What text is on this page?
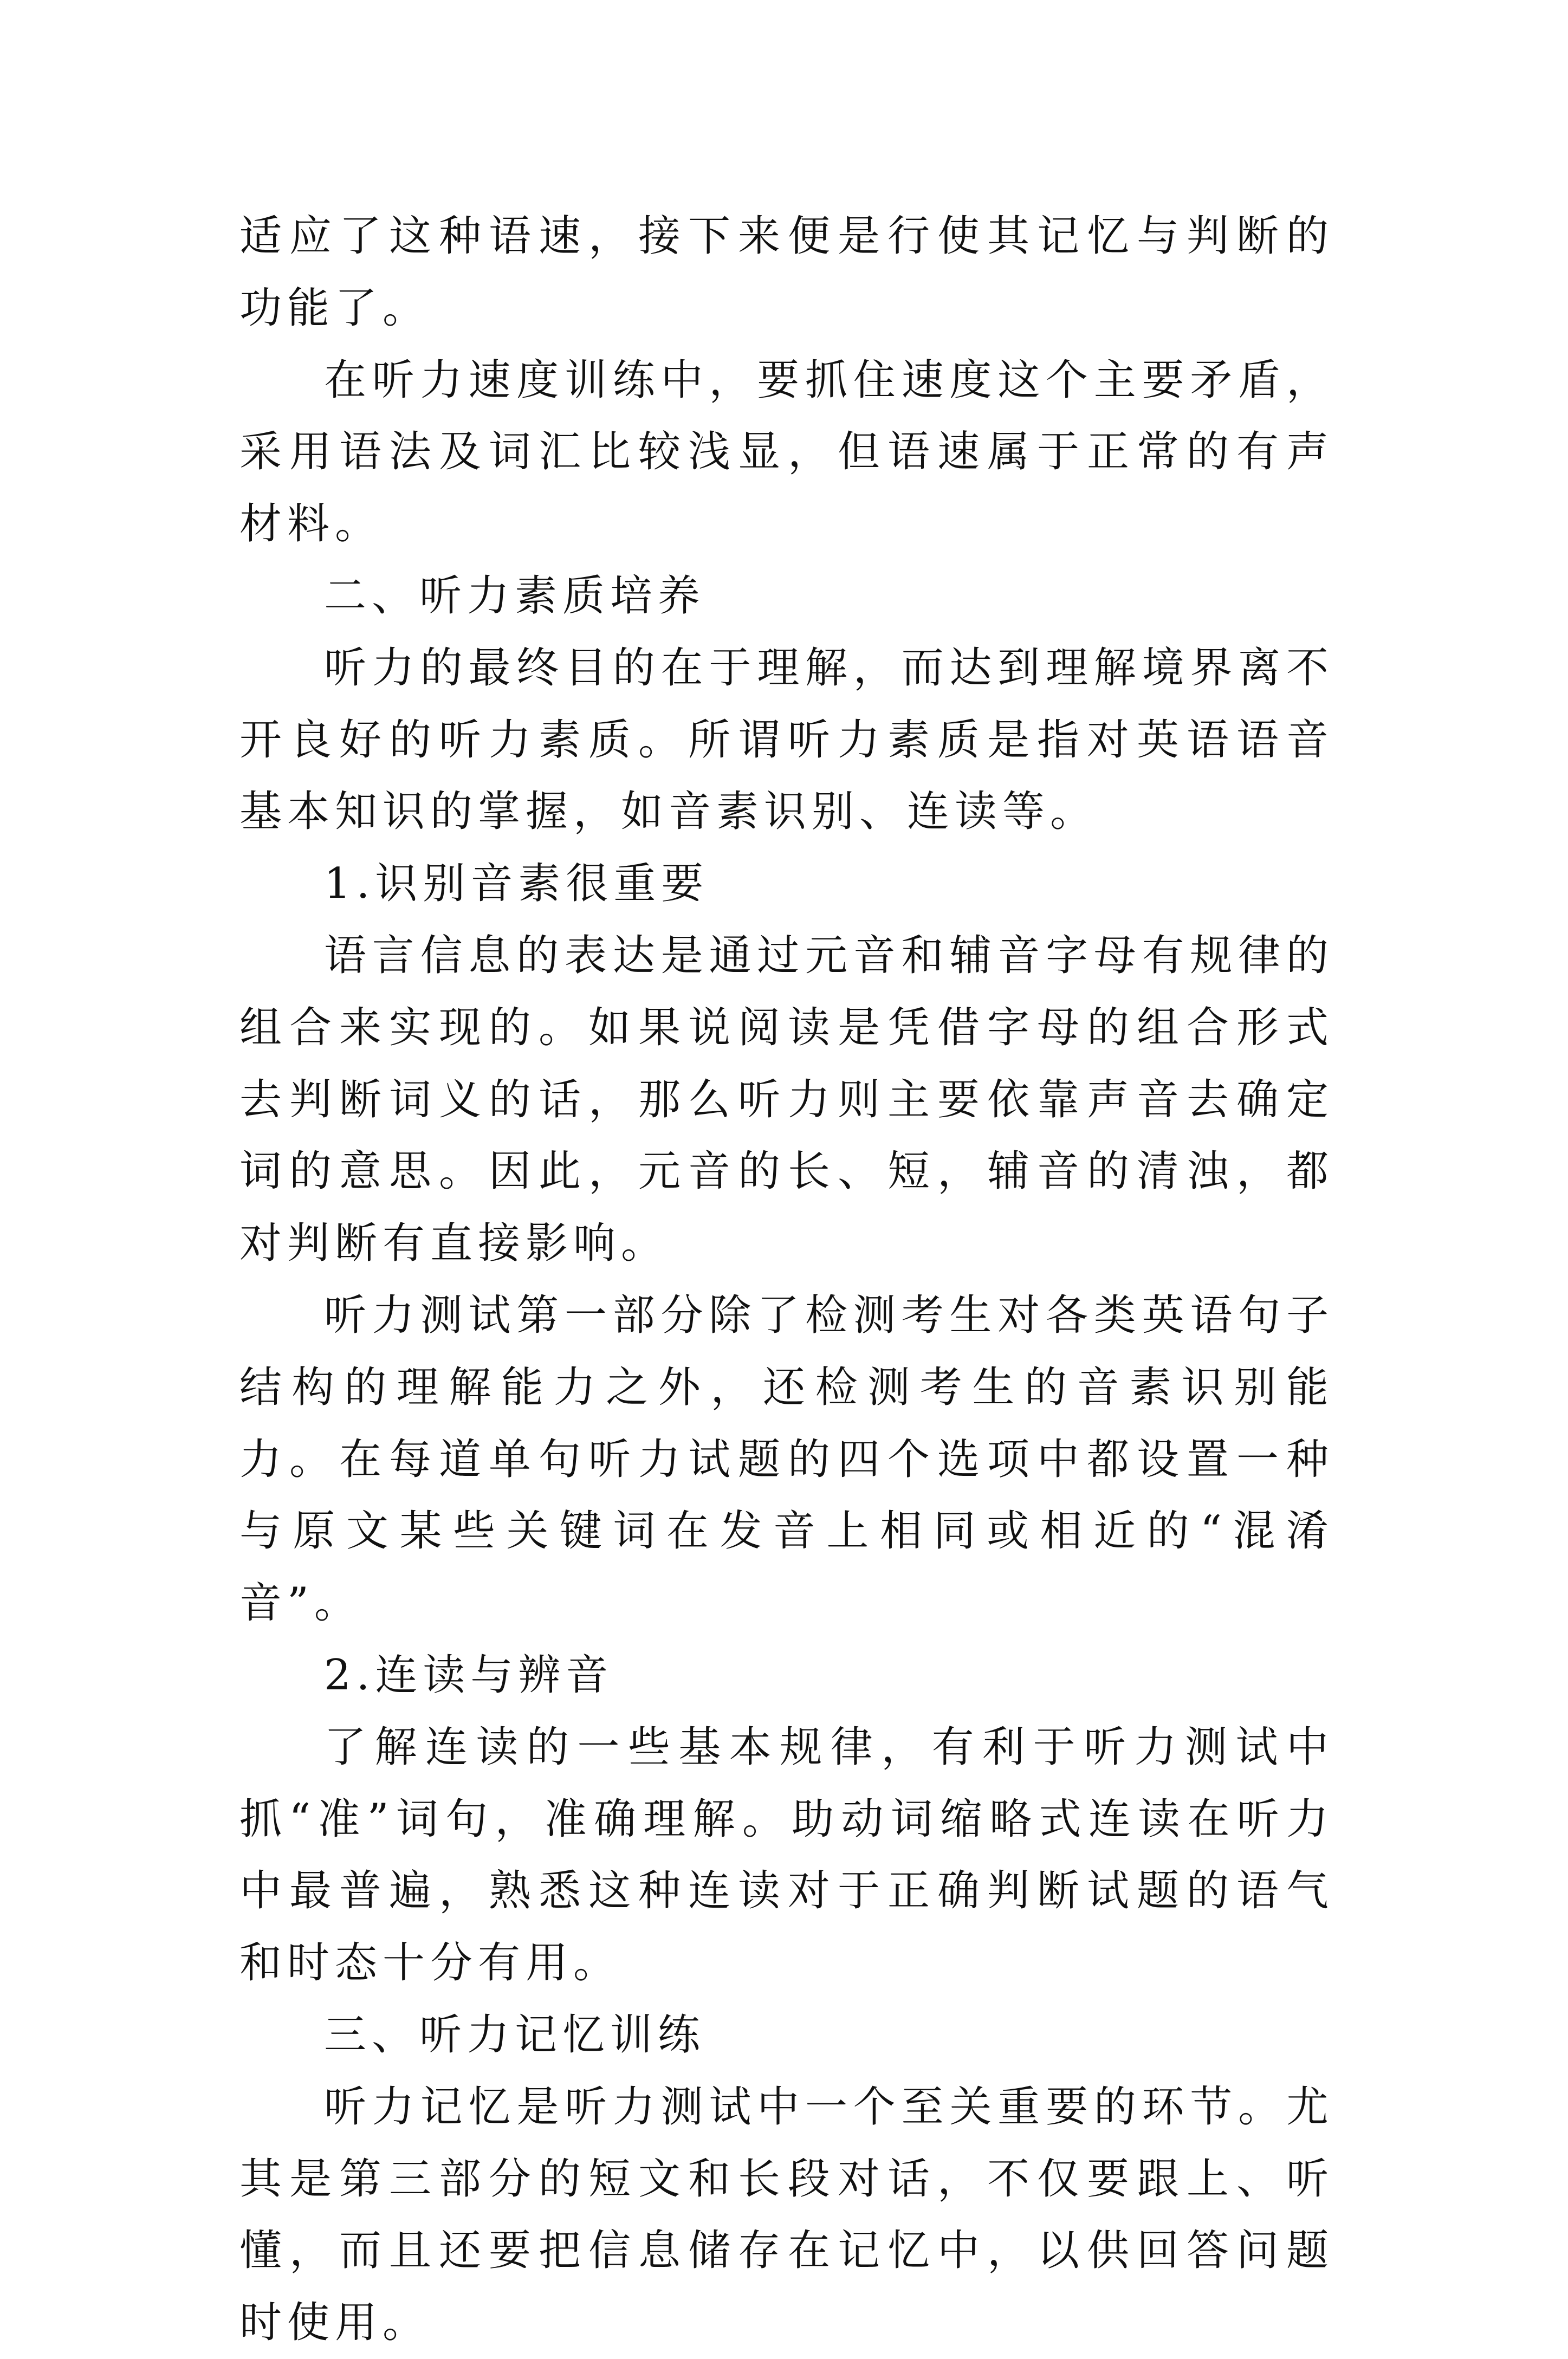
适应了这种语速，接下来便是行使其记忆与判断的功能了。

在听力速度训练中，要抓住速度这个主要矛盾，采用语法及词汇比较浅显，但语速属于正常的有声材料。

二、听力素质培养

听力的最终目的在于理解，而达到理解境界离不开良好的听力素质。所谓听力素质是指对英语语音基本知识的掌握，如音素识别、连读等。

1.识别音素很重要

语言信息的表达是通过元音和辅音字母有规律的组合来实现的。如果说阅读是凭借字母的组合形式去判断词义的话，那么听力则主要依靠声音去确定词的意思。因此，元音的长、短，辅音的清浊，都对判断有直接影响。

听力测试第一部分除了检测考生对各类英语句子结构的理解能力之外，还检测考生的音素识别能力。在每道单句听力试题的四个选项中都设置一种与原文某些关键词在发音上相同或相近的“混淆音”。

2.连读与辨音

了解连读的一些基本规律，有利于听力测试中抓“准”词句，准确理解。助动词缩略式连读在听力中最普遍，熟悉这种连读对于正确判断试题的语气和时态十分有用。

三、听力记忆训练

听力记忆是听力测试中一个至关重要的环节。尤其是第三部分的短文和长段对话，不仅要跟上、听懂，而且还要把信息储存在记忆中，以供回答问题时使用。
